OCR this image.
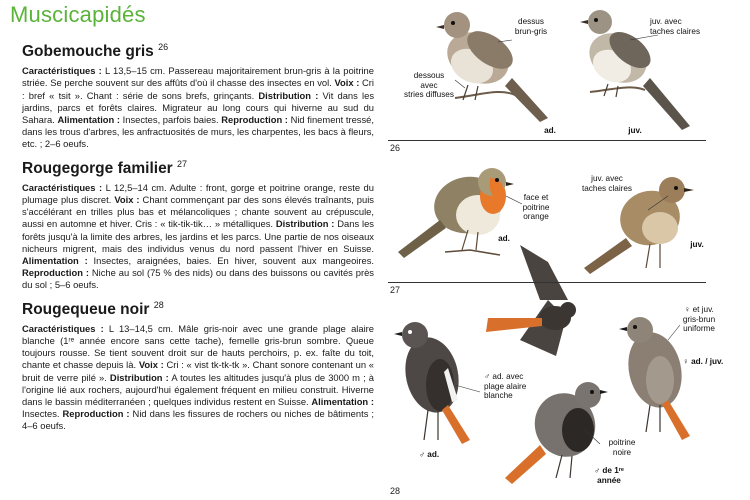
Muscicapidés
Gobemouche gris $^{26}$

Caractéristiques : L 13,5–15 cm. Passereau majoritairement brun-gris à la poitrine striée. Se perche souvent sur des affûts d'où il chasse des insectes en vol. Voix : Cri : bref « tsit ». Chant : série de sons brefs, grinçants. Distribution : Vit dans les jardins, parcs et forêts claires. Migrateur au long cours qui hiverne au sud du Sahara. Alimentation : Insectes, parfois baies. Reproduction : Nid finement tressé, dans les trous d'arbres, les anfractuosités de murs, les charpentes, les bacs à fleurs, etc. ; 2–6 oeufs.

Rougegorge familier $^{27}$

Caractéristiques : L 12,5–14 cm. Adulte : front, gorge et poitrine orange, reste du plumage plus discret. Voix : Chant commençant par des sons élevés traînants, puis s'accélérant en trilles plus bas et mélancoliques ; chante souvent au crépuscule, aussi en automne et hiver. Cris : « tik-tik-tik… » métalliques. Distribution : Dans les forêts jusqu'à la limite des arbres, les jardins et les parcs. Une partie de nos oiseaux nicheurs migrent, mais des individus venus du nord passent l'hiver en Suisse. Alimentation : Insectes, araignées, baies. En hiver, souvent aux mangeoires. Reproduction : Niche au sol (75 % des nids) ou dans des buissons ou cavités près du sol ; 5–6 oeufs.

Rougequeue noir $^{28}$

Caractéristiques : L 13–14,5 cm. Mâle gris-noir avec une grande plage alaire blanche (1ʳᵉ année encore sans cette tache), femelle gris-brun sombre. Queue toujours rousse. Se tient souvent droit sur de hauts perchoirs, p. ex. faîte du toit, chante et chasse depuis là. Voix : Cri : « vist tk-tk-tk ». Chant sonore contenant un « bruit de verre pilé ». Distribution : A toutes les altitudes jusqu'à plus de 3000 m ; à l'origine lié aux rochers, aujourd'hui également fréquent en milieu construit. Hiverne dans le bassin méditerranéen ; quelques individus restent en Suisse. Alimentation : Insectes. Reproduction : Nid dans les fissures de rochers ou niches de bâtiments ; 4–6 oeufs.

26
27
28
dessus
brun-gris
dessous
avec
stries diffuses
juv. avec
taches claires
ad.	juv.
face et
poitrine
orange
juv. avec
taches claires
ad.
juv.
♂ ad. avec
plage alaire
blanche
♀ et juv.
gris-brun
uniforme
♀ ad. / juv.
♂ ad.
poitrine
noire
♂ de 1ʳᵉ
année
